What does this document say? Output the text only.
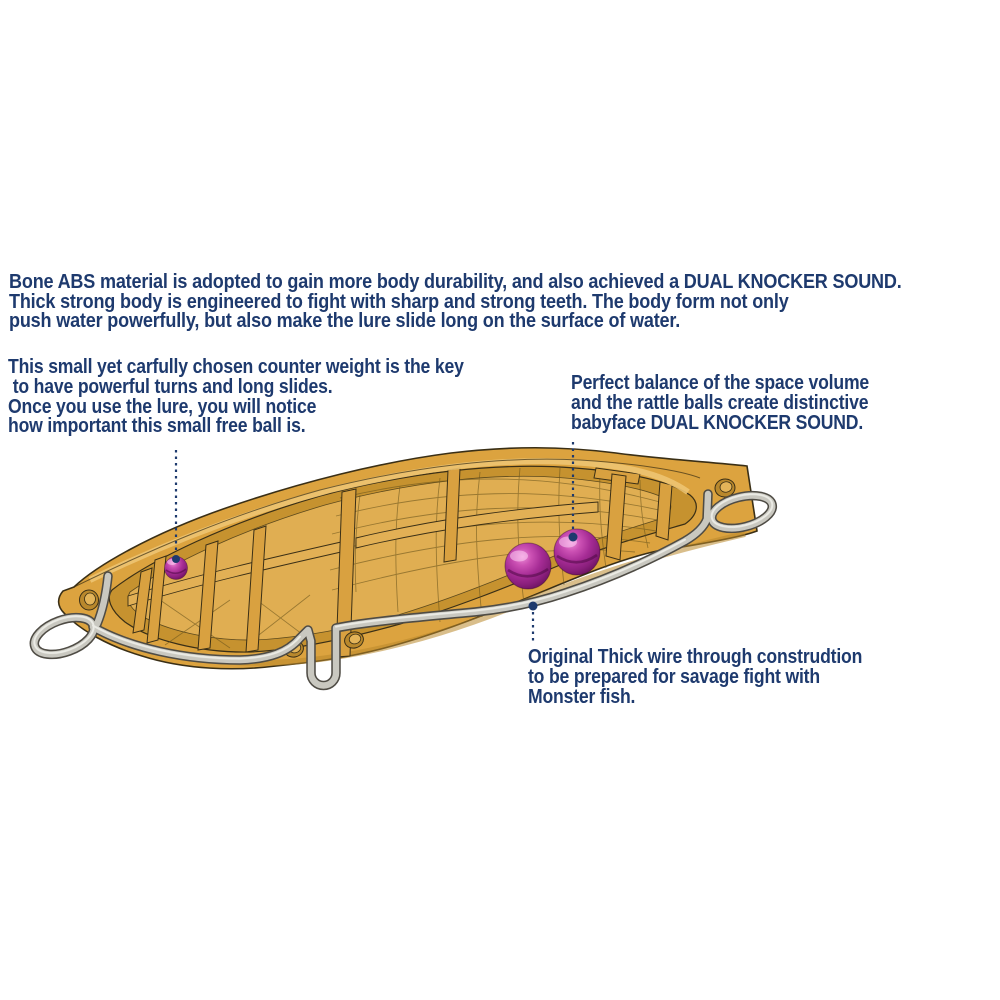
Bone ABS material is adopted to gain more body durability, and also achieved a DUAL KNOCKER SOUND.
Thick strong body is engineered to fight with sharp and strong teeth. The body form not only
push water powerfully, but also make the lure slide long on the surface of water.
This small yet carfully chosen counter weight is the key
to have powerful turns and long slides.
Once you use the lure, you will notice
how important this small free ball is.
Perfect balance of the space volume
and the rattle balls create distinctive
babyface DUAL KNOCKER SOUND.
Original Thick wire through construdtion
to be prepared for savage fight with
Monster fish.
